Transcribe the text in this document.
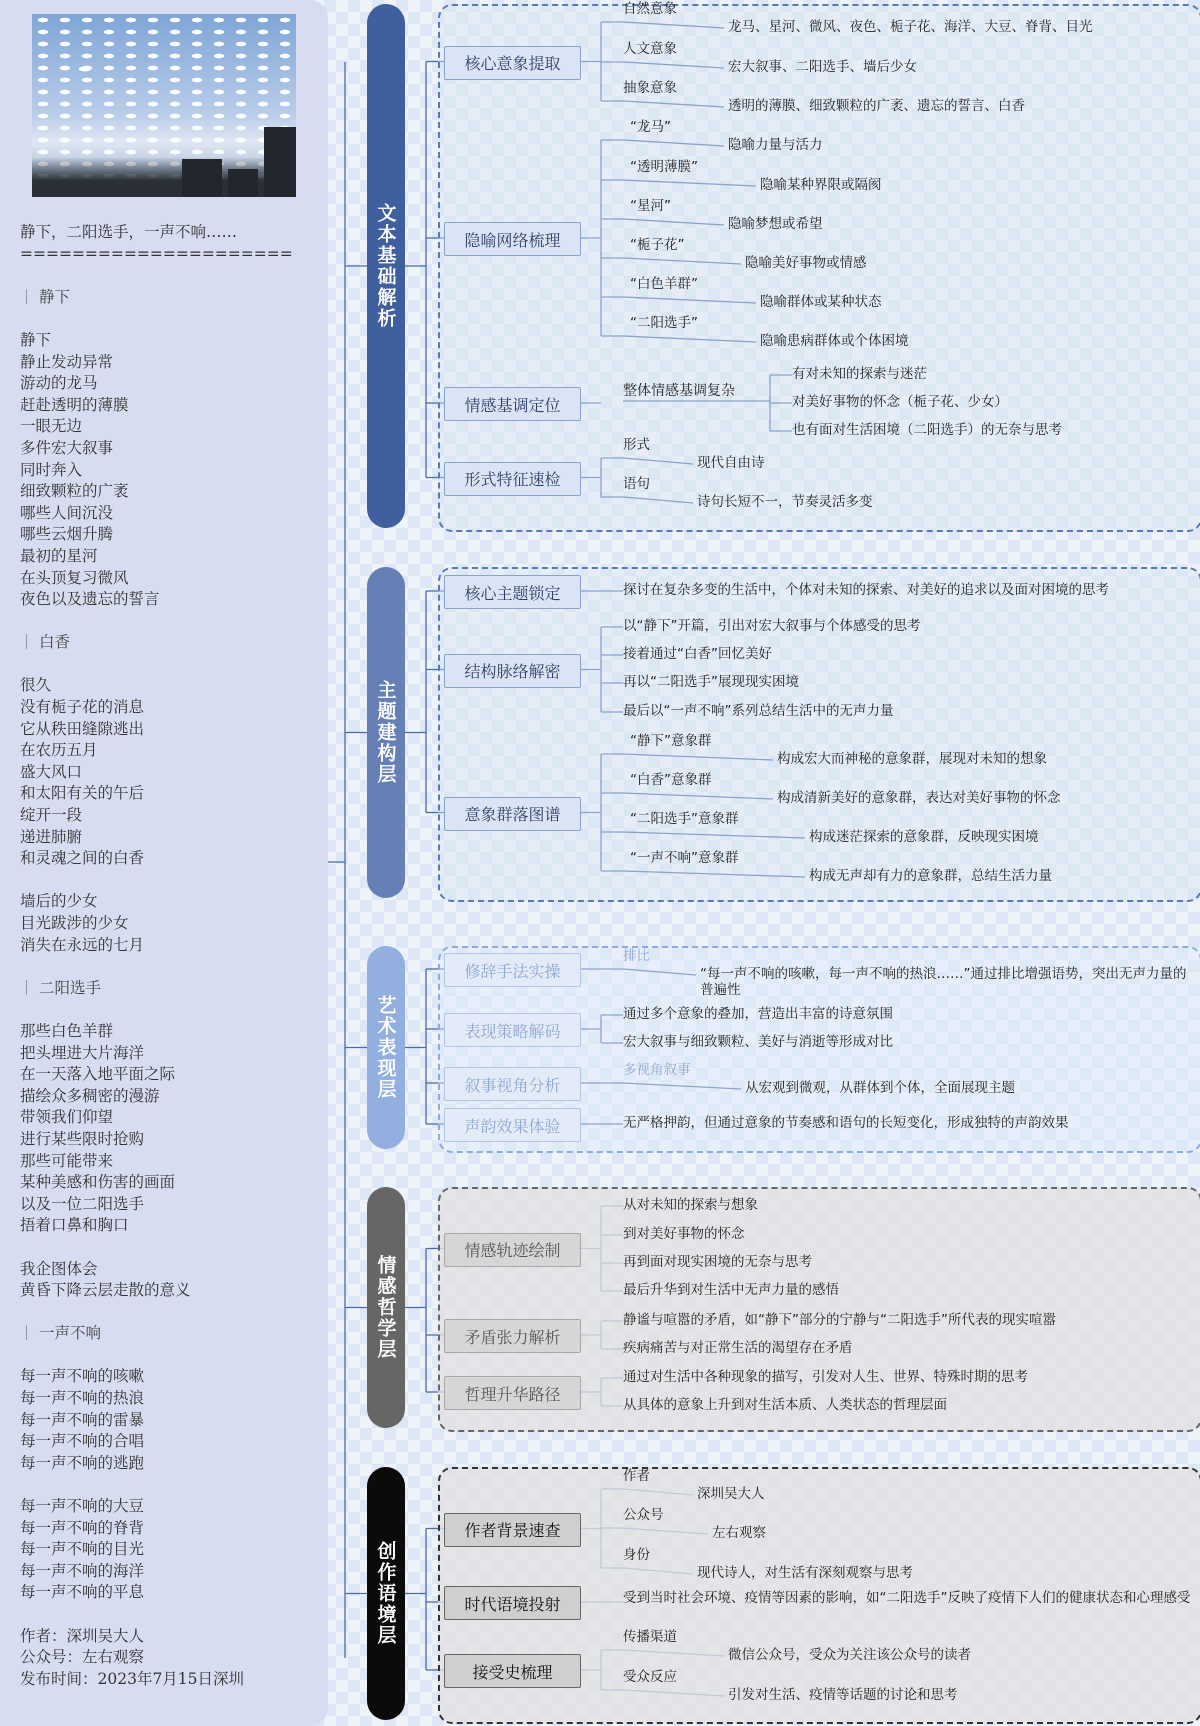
静下，二阳选手，一声不响……
=====================
静下
静下
静止发动异常
游动的龙马
赶赴透明的薄膜
一眼无边
多件宏大叙事
同时奔入
细致颗粒的广袤
哪些人间沉没
哪些云烟升腾
最初的星河
在头顶复习微风
夜色以及遗忘的誓言
白香
很久
没有栀子花的消息
它从秩田缝隙逃出
在农历五月
盛大风口
和太阳有关的午后
绽开一段
递进肺腑
和灵魂之间的白香
墙后的少女
目光跋涉的少女
消失在永远的七月
二阳选手
那些白色羊群
把头埋进大片海洋
在一天落入地平面之际
描绘众多稠密的漫游
带领我们仰望
进行某些限时抢购
那些可能带来
某种美感和伤害的画面
以及一位二阳选手
捂着口鼻和胸口
我企图体会
黄昏下降云层走散的意义
一声不响
每一声不响的咳嗽
每一声不响的热浪
每一声不响的雷暴
每一声不响的合唱
每一声不响的逃跑
每一声不响的大豆
每一声不响的脊背
每一声不响的目光
每一声不响的海洋
每一声不响的平息
作者：深圳吴大人
公众号：左右观察
发布时间：2023年7月15日深圳
文本基础解析
核心意象提取
自然意象
龙马、星河、微风、夜色、栀子花、海洋、大豆、脊背、目光
人文意象
宏大叙事、二阳选手、墙后少女
抽象意象
透明的薄膜、细致颗粒的广袤、遗忘的誓言、白香
隐喻网络梳理
“龙马”
隐喻力量与活力
“透明薄膜”
隐喻某种界限或隔阂
“星河”
隐喻梦想或希望
“栀子花”
隐喻美好事物或情感
“白色羊群”
隐喻群体或某种状态
“二阳选手”
隐喻患病群体或个体困境
情感基调定位
整体情感基调复杂
有对未知的探索与迷茫
对美好事物的怀念（栀子花、少女）
也有面对生活困境（二阳选手）的无奈与思考
形式特征速检
形式
现代自由诗
语句
诗句长短不一，节奏灵活多变
主题建构层
核心主题锁定	探讨在复杂多变的生活中，个体对未知的探索、对美好的追求以及面对困境的思考
结构脉络解密
以“静下”开篇，引出对宏大叙事与个体感受的思考
接着通过“白香”回忆美好
再以“二阳选手”展现现实困境
最后以“一声不响”系列总结生活中的无声力量
意象群落图谱
“静下”意象群
构成宏大而神秘的意象群，展现对未知的想象
“白香”意象群
构成清新美好的意象群，表达对美好事物的怀念
“二阳选手”意象群
构成迷茫探索的意象群，反映现实困境
“一声不响”意象群
构成无声却有力的意象群，总结生活力量
艺术表现层
修辞手法实操
排比
“每一声不响的咳嗽，每一声不响的热浪……”通过排比增强语势，突出无声力量的普遍性
表现策略解码
通过多个意象的叠加，营造出丰富的诗意氛围
宏大叙事与细致颗粒、美好与消逝等形成对比
叙事视角分析
多视角叙事
从宏观到微观，从群体到个体，全面展现主题
声韵效果体验	无严格押韵，但通过意象的节奏感和语句的长短变化，形成独特的声韵效果
情感哲学层
情感轨迹绘制
从对未知的探索与想象
到对美好事物的怀念
再到面对现实困境的无奈与思考
最后升华到对生活中无声力量的感悟
矛盾张力解析
静谧与喧嚣的矛盾，如“静下”部分的宁静与“二阳选手”所代表的现实喧嚣
疾病痛苦与对正常生活的渴望存在矛盾
哲理升华路径
通过对生活中各种现象的描写，引发对人生、世界、特殊时期的思考
从具体的意象上升到对生活本质、人类状态的哲理层面
创作语境层
作者背景速查
作者
深圳吴大人
公众号
左右观察
身份
现代诗人，对生活有深刻观察与思考
时代语境投射	受到当时社会环境、疫情等因素的影响，如“二阳选手”反映了疫情下人们的健康状态和心理感受
接受史梳理
传播渠道
微信公众号，受众为关注该公众号的读者
受众反应
引发对生活、疫情等话题的讨论和思考
